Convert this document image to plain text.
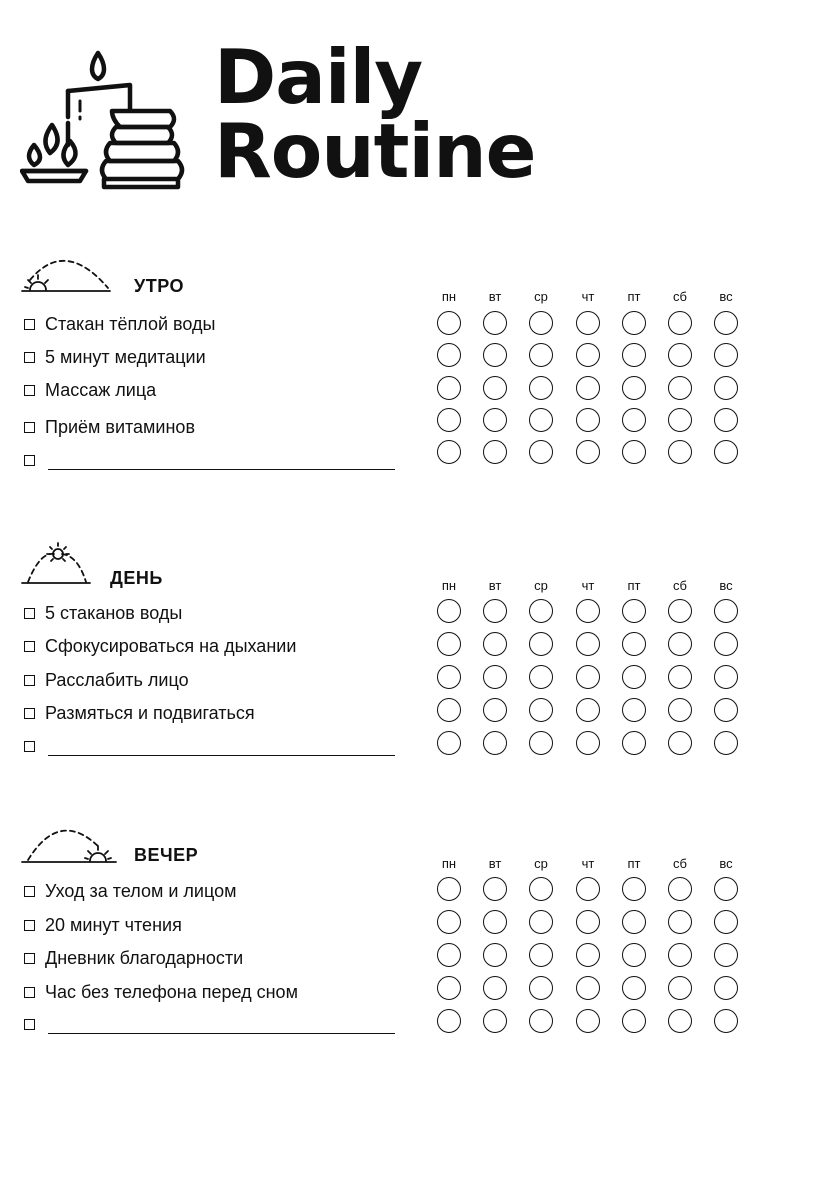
Daily
Routine
УТРО
пн	вт	ср	чт	пт	сб	вс
Стакан тёплой воды
5 минут медитации
Массаж лица
Приём витаминов
ДЕНЬ	пн	вт	ср	чт	пт	сб	вс
5 стаканов воды
Сфокусироваться на дыхании
Расслабить лицо
Размяться и подвигаться
ВЕЧЕР	пн	вт	ср	чт	пт	сб	вс
Уход за телом и лицом
20 минут чтения
Дневник благодарности
Час без телефона перед сном
